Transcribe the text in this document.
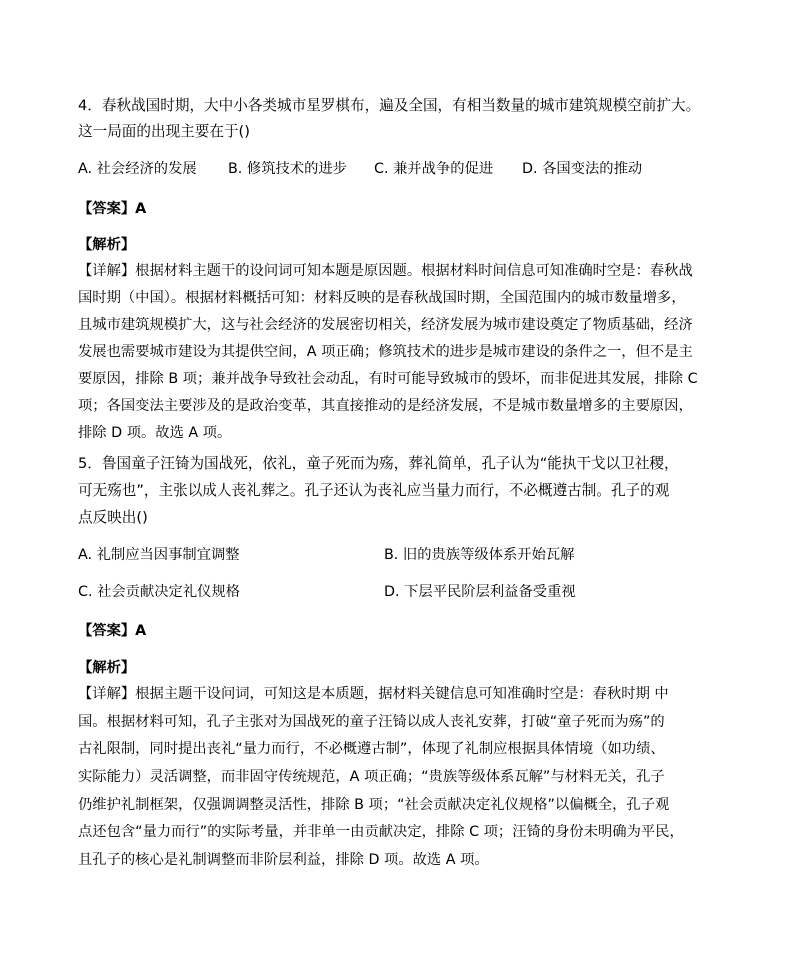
4．春秋战国时期，大中小各类城市星罗棋布，遍及全国，有相当数量的城市建筑规模空前扩大。
这一局面的出现主要在于()
A. 社会经济的发展 B. 修筑技术的进步 C. 兼并战争的促进 D. 各国变法的推动
【答案】A
【解析】
【详解】根据材料主题干的设问词可知本题是原因题。根据材料时间信息可知准确时空是：春秋战
国时期（中国）。根据材料概括可知：材料反映的是春秋战国时期，全国范围内的城市数量增多，
且城市建筑规模扩大，这与社会经济的发展密切相关，经济发展为城市建设奠定了物质基础，经济
发展也需要城市建设为其提供空间，A 项正确；修筑技术的进步是城市建设的条件之一，但不是主
要原因，排除 B 项；兼并战争导致社会动乱，有时可能导致城市的毁坏，而非促进其发展，排除 C
项；各国变法主要涉及的是政治变革，其直接推动的是经济发展，不是城市数量增多的主要原因，
排除 D 项。故选 A 项。
5．鲁国童子汪锜为国战死，依礼，童子死而为殇，葬礼简单，孔子认为“能执干戈以卫社稷，
可无殇也”，主张以成人丧礼葬之。孔子还认为丧礼应当量力而行，不必概遵古制。孔子的观
点反映出()
A. 礼制应当因事制宜调整	B. 旧的贵族等级体系开始瓦解
C. 社会贡献决定礼仪规格	D. 下层平民阶层利益备受重视
【答案】A
【解析】
【详解】根据主题干设问词，可知这是本质题，据材料关键信息可知准确时空是：春秋时期 中
国。根据材料可知，孔子主张对为国战死的童子汪锜以成人丧礼安葬，打破“童子死而为殇”的
古礼限制，同时提出丧礼“量力而行，不必概遵古制”，体现了礼制应根据具体情境（如功绩、
实际能力）灵活调整，而非固守传统规范，A 项正确；“贵族等级体系瓦解”与材料无关，孔子
仍维护礼制框架，仅强调调整灵活性，排除 B 项；“社会贡献决定礼仪规格”以偏概全，孔子观
点还包含“量力而行”的实际考量，并非单一由贡献决定，排除 C 项；汪锜的身份未明确为平民，
且孔子的核心是礼制调整而非阶层利益，排除 D 项。故选 A 项。
